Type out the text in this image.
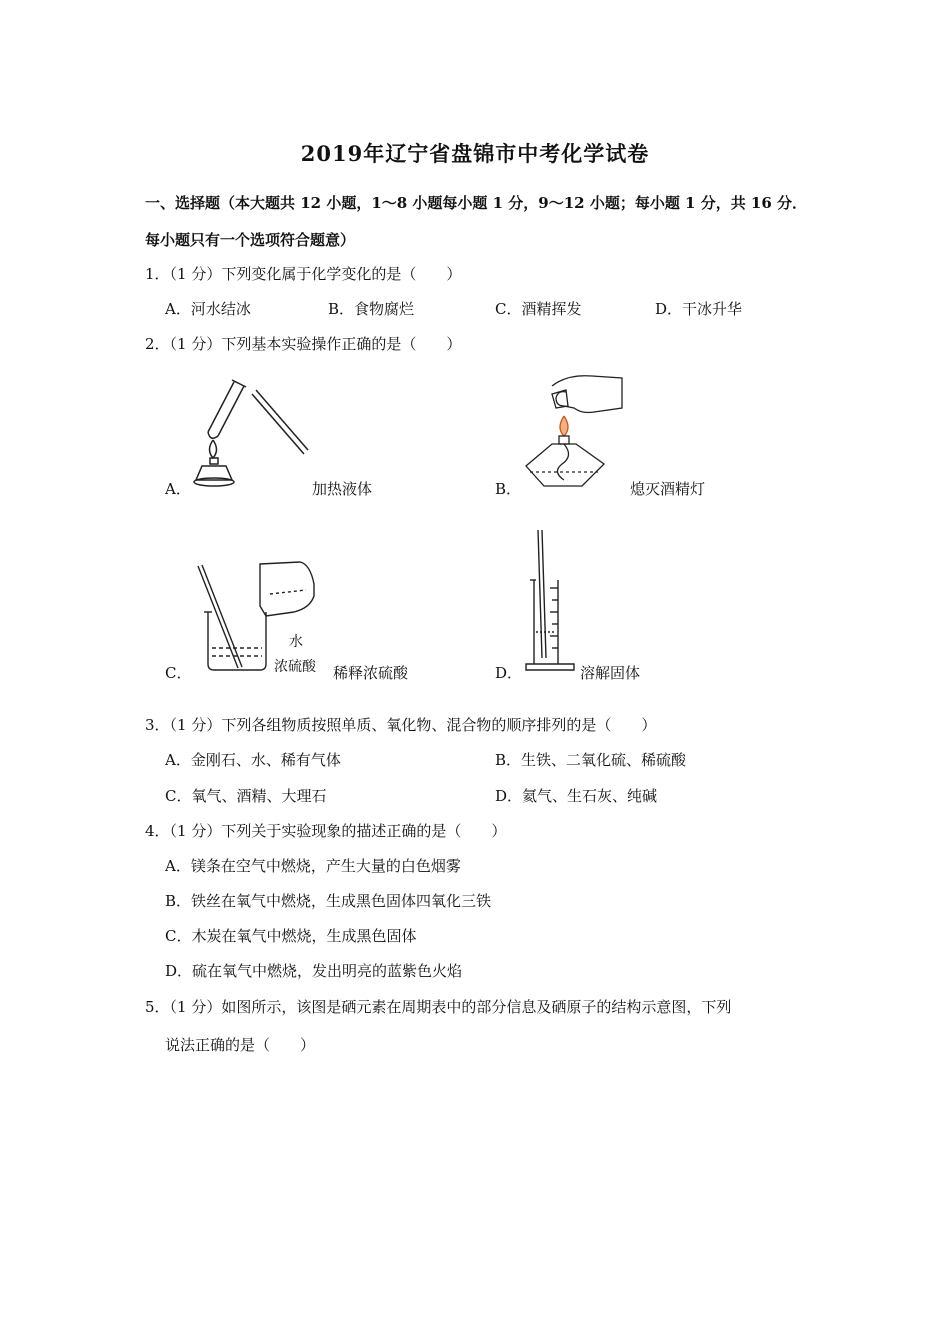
2019年辽宁省盘锦市中考化学试卷
一、选择题（本大题共 12 小题，1～8 小题每小题 1 分，9～12 小题；每小题 1 分，共 16 分．
每小题只有一个选项符合题意）
1．（1 分）下列变化属于化学变化的是（　　）
A．河水结冰	B．食物腐烂	C．酒精挥发	D．干冰升华
2．（1 分）下列基本实验操作正确的是（　　）
A．	加热液体	B．	熄灭酒精灯
水
浓硫酸
C．	稀释浓硫酸	D．	溶解固体
3．（1 分）下列各组物质按照单质、氧化物、混合物的顺序排列的是（　　）
A．金刚石、水、稀有气体	B．生铁、二氧化硫、稀硫酸
C．氧气、酒精、大理石	D．氦气、生石灰、纯碱
4．（1 分）下列关于实验现象的描述正确的是（　　）
A．镁条在空气中燃烧，产生大量的白色烟雾
B．铁丝在氧气中燃烧，生成黑色固体四氧化三铁
C．木炭在氧气中燃烧，生成黑色固体
D．硫在氧气中燃烧，发出明亮的蓝紫色火焰
5．（1 分）如图所示，该图是硒元素在周期表中的部分信息及硒原子的结构示意图，下列
说法正确的是（　　）
